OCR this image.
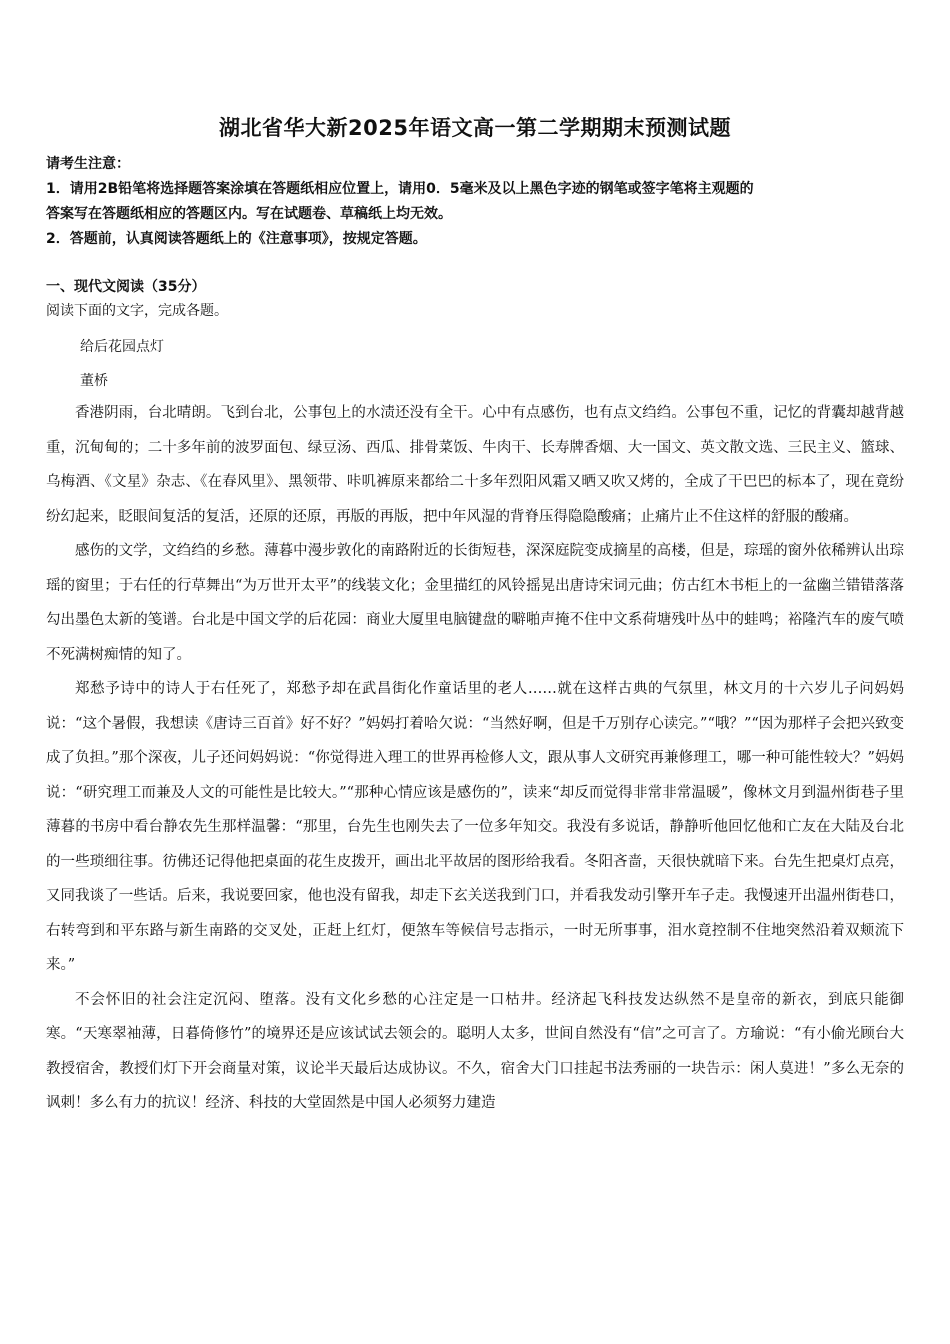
湖北省华大新2025年语文高一第二学期期末预测试题
请考生注意：
1．请用2B铅笔将选择题答案涂填在答题纸相应位置上，请用0．5毫米及以上黑色字迹的钢笔或签字笔将主观题的
答案写在答题纸相应的答题区内。写在试题卷、草稿纸上均无效。
2．答题前，认真阅读答题纸上的《注意事项》，按规定答题。
一、现代文阅读（35分）
阅读下面的文字，完成各题。
给后花园点灯
董桥

香港阴雨，台北晴朗。飞到台北，公事包上的水渍还没有全干。心中有点感伤，也有点文绉绉。公事包不重，记忆的背囊却越背越重，沉甸甸的；二十多年前的波罗面包、绿豆汤、西瓜、排骨菜饭、牛肉干、长寿牌香烟、大一国文、英文散文选、三民主义、篮球、乌梅酒、《文星》杂志、《在春风里》、黑领带、咔叽裤原来都给二十多年烈阳风霜又晒又吹又烤的，全成了干巴巴的标本了，现在竟纷纷幻起来，眨眼间复活的复活，还原的还原，再版的再版，把中年风湿的背脊压得隐隐酸痛；止痛片止不住这样的舒服的酸痛。

感伤的文学，文绉绉的乡愁。薄暮中漫步敦化的南路附近的长街短巷，深深庭院变成摘星的高楼，但是，琮瑶的窗外依稀辨认出琮瑶的窗里；于右任的行草舞出“为万世开太平”的线装文化；金里描红的风铃摇晃出唐诗宋词元曲；仿古红木书柜上的一盆幽兰错错落落勾出墨色太新的笺谱。台北是中国文学的后花园：商业大厦里电脑键盘的噼啪声掩不住中文系荷塘残叶丛中的蛙鸣；裕隆汽车的废气喷不死满树痴情的知了。

郑愁予诗中的诗人于右任死了，郑愁予却在武昌街化作童话里的老人……就在这样古典的气氛里，林文月的十六岁儿子问妈妈说：“这个暑假，我想读《唐诗三百首》好不好？”妈妈打着哈欠说：“当然好啊，但是千万别存心读完。”“哦？”“因为那样子会把兴致变成了负担。”那个深夜，儿子还问妈妈说：“你觉得进入理工的世界再检修人文，跟从事人文研究再兼修理工，哪一种可能性较大？”妈妈说：“研究理工而兼及人文的可能性是比较大。”“那种心情应该是感伤的”，读来“却反而觉得非常非常温暖”，像林文月到温州街巷子里薄暮的书房中看台静农先生那样温馨：“那里，台先生也刚失去了一位多年知交。我没有多说话，静静听他回忆他和亡友在大陆及台北的一些琐细往事。彷佛还记得他把桌面的花生皮拨开，画出北平故居的图形给我看。冬阳吝啬，天很快就暗下来。台先生把桌灯点亮，又同我谈了一些话。后来，我说要回家，他也没有留我，却走下玄关送我到门口，并看我发动引擎开车子走。我慢速开出温州街巷口，右转弯到和平东路与新生南路的交叉处，正赶上红灯，便煞车等候信号志指示，一时无所事事，泪水竟控制不住地突然沿着双颊流下来。”

不会怀旧的社会注定沉闷、堕落。没有文化乡愁的心注定是一口枯井。经济起飞科技发达纵然不是皇帝的新衣，到底只能御寒。“天寒翠袖薄，日暮倚修竹”的境界还是应该试试去领会的。聪明人太多，世间自然没有“信”之可言了。方瑜说：“有小偷光顾台大教授宿舍，教授们灯下开会商量对策，议论半天最后达成协议。不久，宿舍大门口挂起书法秀丽的一块告示：闲人莫进！”多么无奈的讽刺！多么有力的抗议！经济、科技的大堂固然是中国人必须努力建造
